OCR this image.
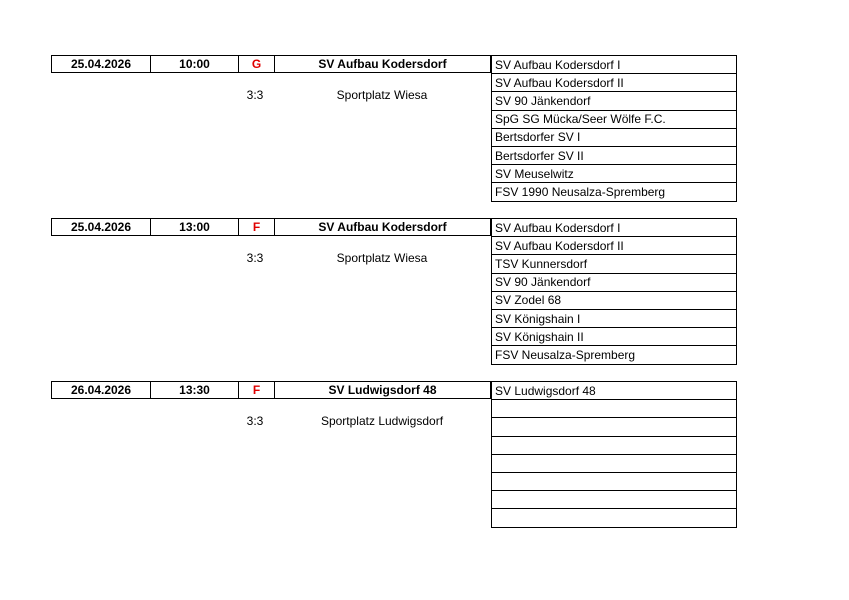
25.04.2026	10:00	G	SV Aufbau Kodersdorf
3:3	Sportplatz Wiesa
SV Aufbau Kodersdorf I
SV Aufbau Kodersdorf II
SV 90 Jänkendorf
SpG SG Mücka/Seer Wölfe F.C.
Bertsdorfer SV I
Bertsdorfer SV II
SV Meuselwitz
FSV 1990 Neusalza-Spremberg
25.04.2026	13:00	F	SV Aufbau Kodersdorf
3:3	Sportplatz Wiesa
SV Aufbau Kodersdorf I
SV Aufbau Kodersdorf II
TSV Kunnersdorf
SV 90 Jänkendorf
SV Zodel 68
SV Königshain I
SV Königshain II
FSV Neusalza-Spremberg
26.04.2026	13:30	F	SV Ludwigsdorf 48
3:3	Sportplatz Ludwigsdorf
SV Ludwigsdorf 48
